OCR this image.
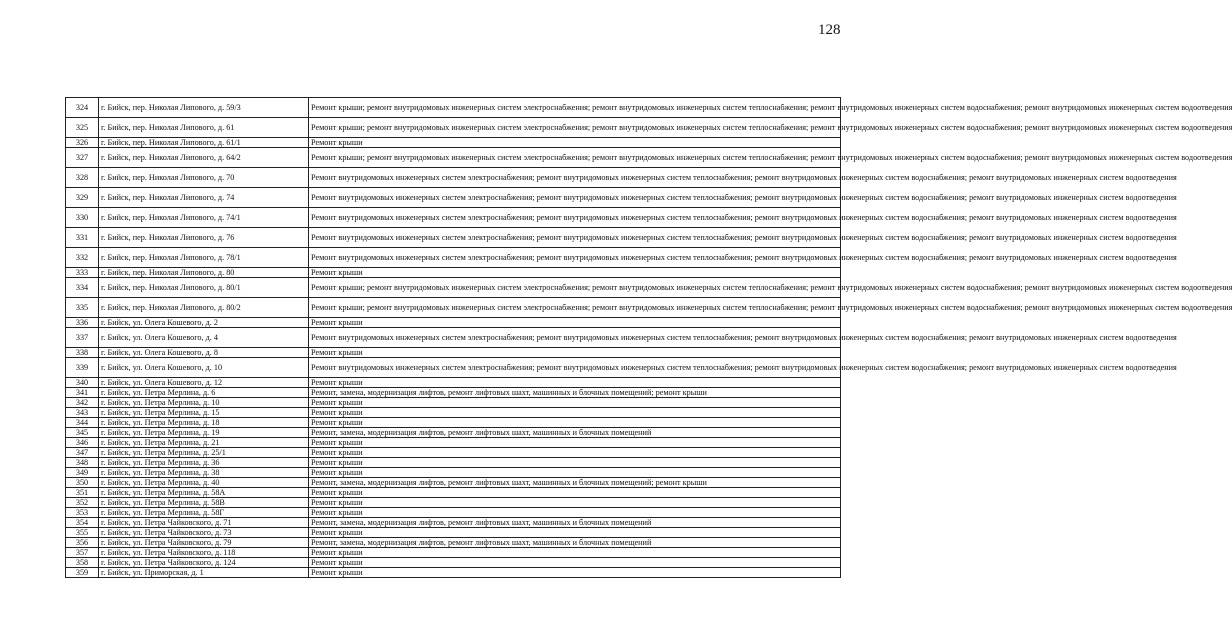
128
324	г. Бийск, пер. Николая Липового, д. 59/3	Ремонт крыши; ремонт внутридомовых инженерных систем электроснабжения; ремонт внутридомовых инженерных систем теплоснабжения; ремонт внутридомовых инженерных систем водоснабжения; ремонт внутридомовых инженерных систем водоотведения
325	г. Бийск, пер. Николая Липового, д. 61	Ремонт крыши; ремонт внутридомовых инженерных систем электроснабжения; ремонт внутридомовых инженерных систем теплоснабжения; ремонт внутридомовых инженерных систем водоснабжения; ремонт внутридомовых инженерных систем водоотведения
326	г. Бийск, пер. Николая Липового, д. 61/1	Ремонт крыши
327	г. Бийск, пер. Николая Липового, д. 64/2	Ремонт крыши; ремонт внутридомовых инженерных систем электроснабжения; ремонт внутридомовых инженерных систем теплоснабжения; ремонт внутридомовых инженерных систем водоснабжения; ремонт внутридомовых инженерных систем водоотведения
328	г. Бийск, пер. Николая Липового, д. 70	Ремонт внутридомовых инженерных систем электроснабжения; ремонт внутридомовых инженерных систем теплоснабжения; ремонт внутридомовых инженерных систем водоснабжения; ремонт внутридомовых инженерных систем водоотведения
329	г. Бийск, пер. Николая Липового, д. 74	Ремонт внутридомовых инженерных систем электроснабжения; ремонт внутридомовых инженерных систем теплоснабжения; ремонт внутридомовых инженерных систем водоснабжения; ремонт внутридомовых инженерных систем водоотведения
330	г. Бийск, пер. Николая Липового, д. 74/1	Ремонт внутридомовых инженерных систем электроснабжения; ремонт внутридомовых инженерных систем теплоснабжения; ремонт внутридомовых инженерных систем водоснабжения; ремонт внутридомовых инженерных систем водоотведения
331	г. Бийск, пер. Николая Липового, д. 76	Ремонт внутридомовых инженерных систем электроснабжения; ремонт внутридомовых инженерных систем теплоснабжения; ремонт внутридомовых инженерных систем водоснабжения; ремонт внутридомовых инженерных систем водоотведения
332	г. Бийск, пер. Николая Липового, д. 78/1	Ремонт внутридомовых инженерных систем электроснабжения; ремонт внутридомовых инженерных систем теплоснабжения; ремонт внутридомовых инженерных систем водоснабжения; ремонт внутридомовых инженерных систем водоотведения
333	г. Бийск, пер. Николая Липового, д. 80	Ремонт крыши
334	г. Бийск, пер. Николая Липового, д. 80/1	Ремонт крыши; ремонт внутридомовых инженерных систем электроснабжения; ремонт внутридомовых инженерных систем теплоснабжения; ремонт внутридомовых инженерных систем водоснабжения; ремонт внутридомовых инженерных систем водоотведения
335	г. Бийск, пер. Николая Липового, д. 80/2	Ремонт крыши; ремонт внутридомовых инженерных систем электроснабжения; ремонт внутридомовых инженерных систем теплоснабжения; ремонт внутридомовых инженерных систем водоснабжения; ремонт внутридомовых инженерных систем водоотведения
336	г. Бийск, ул. Олега Кошевого, д. 2	Ремонт крыши
337	г. Бийск, ул. Олега Кошевого, д. 4	Ремонт внутридомовых инженерных систем электроснабжения; ремонт внутридомовых инженерных систем теплоснабжения; ремонт внутридомовых инженерных систем водоснабжения; ремонт внутридомовых инженерных систем водоотведения
338	г. Бийск, ул. Олега Кошевого, д. 8	Ремонт крыши
339	г. Бийск, ул. Олега Кошевого, д. 10	Ремонт внутридомовых инженерных систем электроснабжения; ремонт внутридомовых инженерных систем теплоснабжения; ремонт внутридомовых инженерных систем водоснабжения; ремонт внутридомовых инженерных систем водоотведения
340	г. Бийск, ул. Олега Кошевого, д. 12	Ремонт крыши
341	г. Бийск, ул. Петра Мерлина, д. 6	Ремонт, замена, модернизация лифтов, ремонт лифтовых шахт, машинных и блочных помещений; ремонт крыши
342	г. Бийск, ул. Петра Мерлина, д. 10	Ремонт крыши
343	г. Бийск, ул. Петра Мерлина, д. 15	Ремонт крыши
344	г. Бийск, ул. Петра Мерлина, д. 18	Ремонт крыши
345	г. Бийск, ул. Петра Мерлина, д. 19	Ремонт, замена, модернизация лифтов, ремонт лифтовых шахт, машинных и блочных помещений
346	г. Бийск, ул. Петра Мерлина, д. 21	Ремонт крыши
347	г. Бийск, ул. Петра Мерлина, д. 25/1	Ремонт крыши
348	г. Бийск, ул. Петра Мерлина, д. 36	Ремонт крыши
349	г. Бийск, ул. Петра Мерлина, д. 38	Ремонт крыши
350	г. Бийск, ул. Петра Мерлина, д. 40	Ремонт, замена, модернизация лифтов, ремонт лифтовых шахт, машинных и блочных помещений; ремонт крыши
351	г. Бийск, ул. Петра Мерлина, д. 58А	Ремонт крыши
352	г. Бийск, ул. Петра Мерлина, д. 58В	Ремонт крыши
353	г. Бийск, ул. Петра Мерлина, д. 58Г	Ремонт крыши
354	г. Бийск, ул. Петра Чайковского, д. 71	Ремонт, замена, модернизация лифтов, ремонт лифтовых шахт, машинных и блочных помещений
355	г. Бийск, ул. Петра Чайковского, д. 73	Ремонт крыши
356	г. Бийск, ул. Петра Чайковского, д. 79	Ремонт, замена, модернизация лифтов, ремонт лифтовых шахт, машинных и блочных помещений
357	г. Бийск, ул. Петра Чайковского, д. 118	Ремонт крыши
358	г. Бийск, ул. Петра Чайковского, д. 124	Ремонт крыши
359	г. Бийск, ул. Приморская, д. 1	Ремонт крыши
